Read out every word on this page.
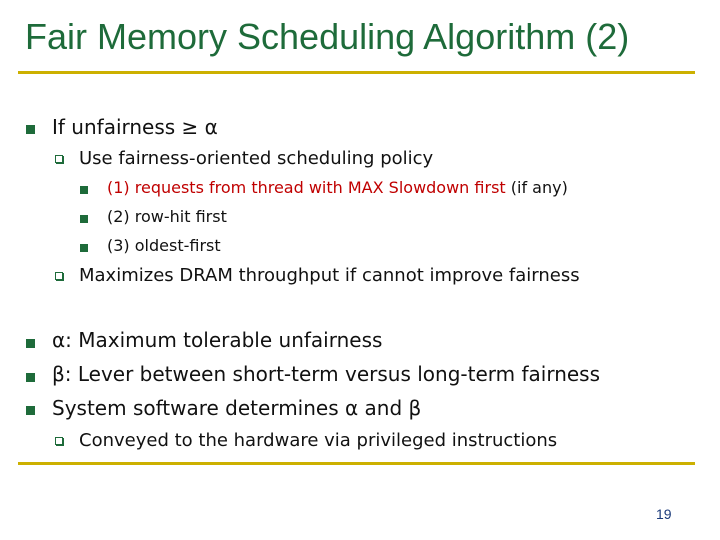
Fair Memory Scheduling Algorithm (2)
If unfairness ≥ α
Use fairness-oriented scheduling policy
(1) requests from thread with MAX Slowdown first (if any)
(2) row-hit first
(3) oldest-first
Maximizes DRAM throughput if cannot improve fairness
α: Maximum tolerable unfairness
β: Lever between short-term versus long-term fairness
System software determines α and β
Conveyed to the hardware via privileged instructions
19
